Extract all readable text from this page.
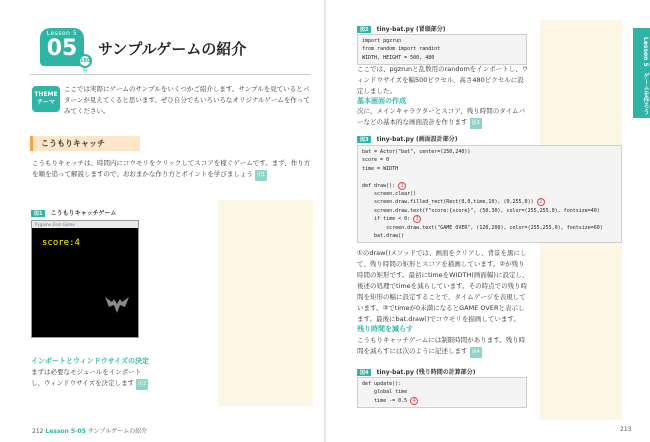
Lesson 5
05 180分
サンプルゲームの紹介
THEME
テーマ
ここでは実際にゲームのサンプルをいくつかご紹介します。サンプルを見ているとパターンが見えてくると思います。ぜひ自分でもいろいろなオリジナルゲームを作ってみてください。
こうもりキャッチ
こうもりキャッチは、時間内にコウモリをクリックしてスコアを稼ぐゲームです。まず、作り方を順を追って解説しますので、おおまかな作り方とポイントを学びましょう 図1
図1 こうもりキャッチゲーム
Pygame Zero Game
score:4
インポートとウィンドウサイズの決定
まずは必要なモジュールをインポートし、ウィンドウサイズを決定します 図2
212 Lesson 5-05 サンプルゲームの紹介
図2 tiny-bat.py (冒頭部分)
import pgzrun
from random import randint
WIDTH, HEIGHT = 500, 480
ここでは、pgzrunと乱数用のrandomをインポートし、ウィンドウサイズを幅500ピクセル、高さ480ピクセルに設定しました。
基本画面の作成
次に、メインキャラクターとスコア、残り時間のタイムバーなどの基本的な画面設計を作ります 図3
図3 tiny-bat.py (画面設計部分)
bat = Actor("bat", center=(250,240))
score = 0
time = WIDTH

def draw(): 1
screen.clear()
screen.draw.filled_rect(Rect(0,0,time,10), (0,255,0)) 2
screen.draw.text(f"score:{score}", (50,30), color=(255,255,0), fontsize=40)
if time < 0: 3
screen.draw.text("GAME OVER", (120,200), color=(255,255,0), fontsize=60)
bat.draw()
①のdraw()メソッドでは、画面をクリアし、背景を黒にして、残り時間の矩形とスコアを描画しています。②が残り時間の矩形です。最初にtimeをWIDTH(画面幅)に設定し、後述の処理でtimeを減らしています。その時点での残り時間を矩形の幅に設定することで、タイムゲージを表現しています。③でtimeが0未満になるとGAME OVERと表示します。最後にbat.draw()でコウモリを描画しています。
残り時間を減らす
こうもりキャッチゲームには制限時間があります。残り時間を減らすには次のように記述します 図4
図4 tiny-bat.py (残り時間の計算部分)
def update():
global time
time -= 0.5 4
Lesson 5　ゲームを作ろう
213
